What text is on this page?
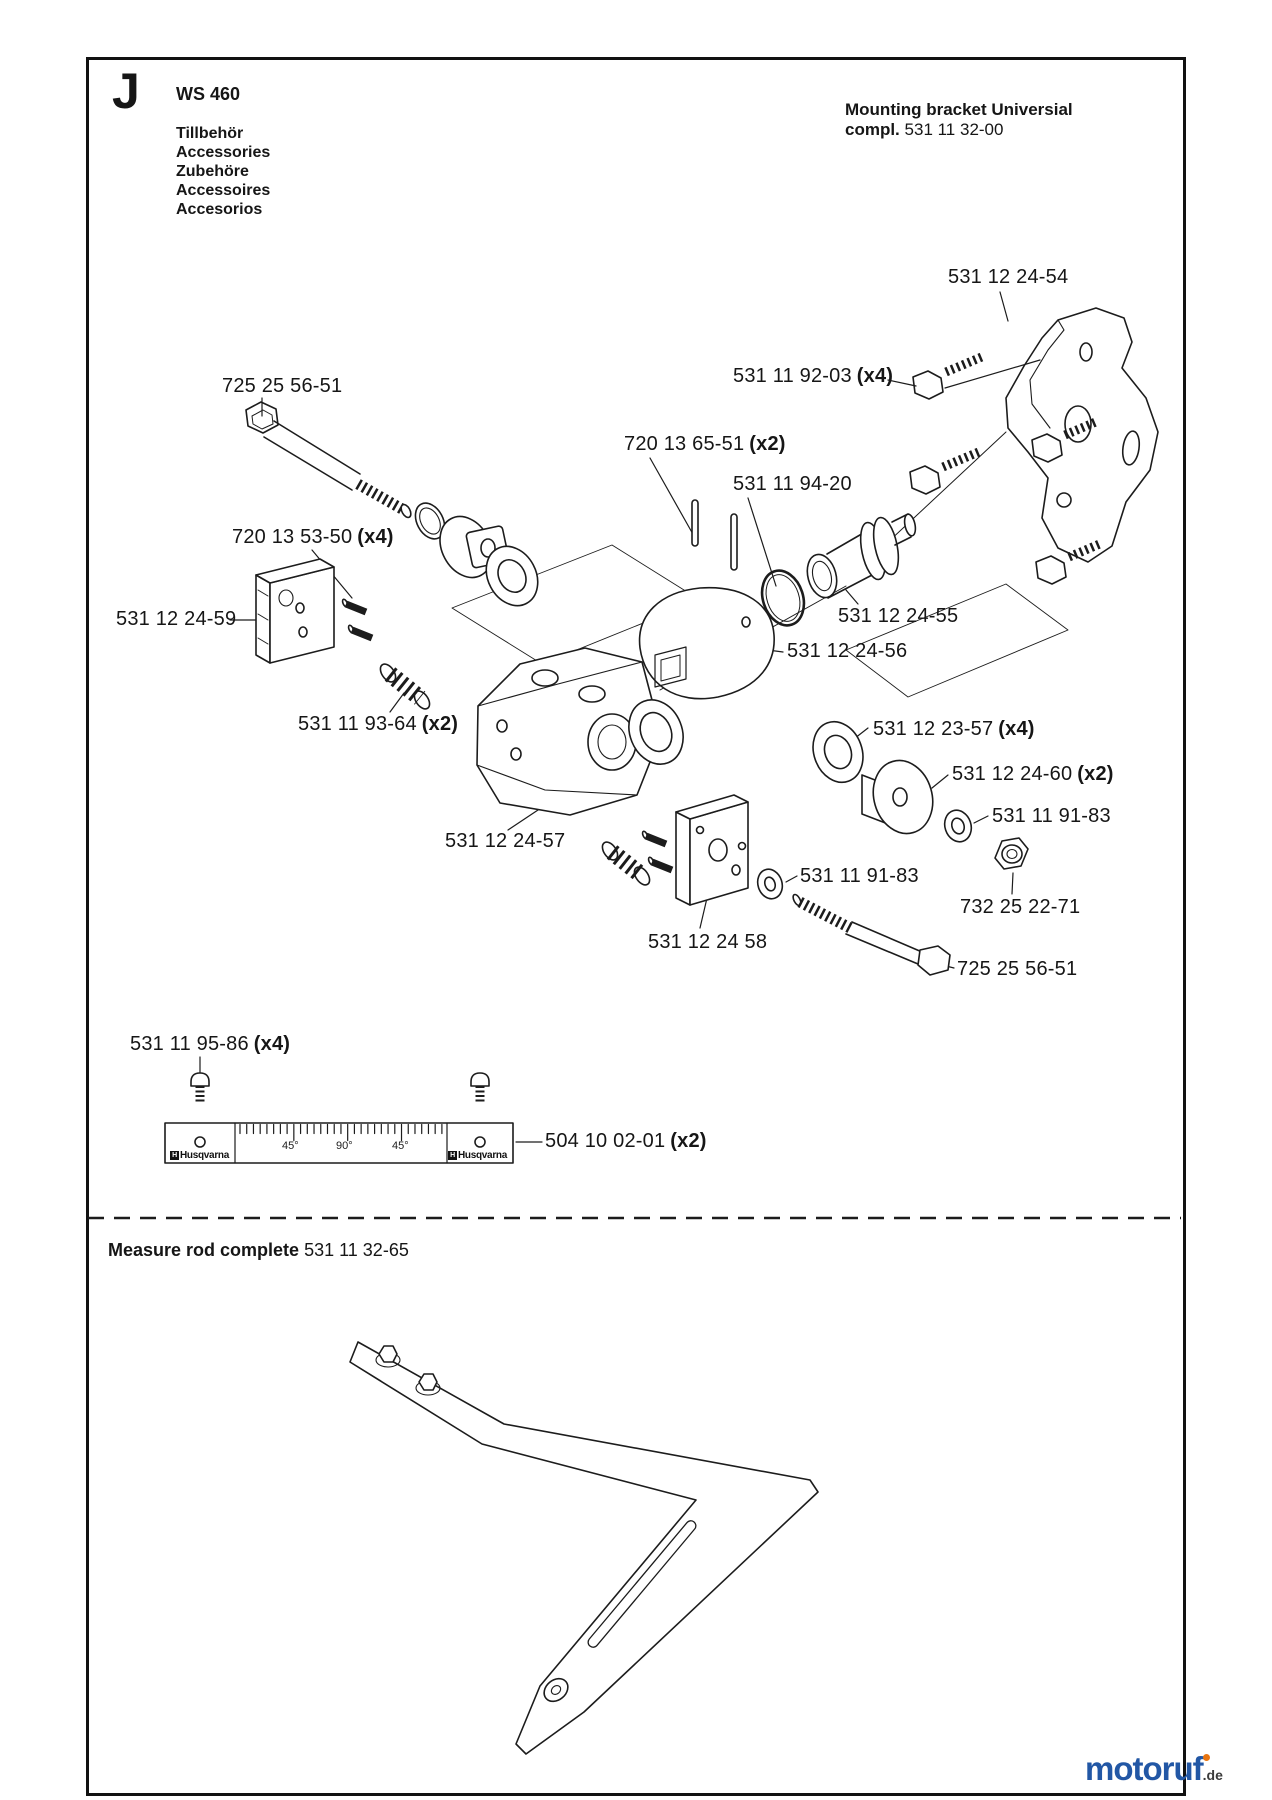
J WS 460
Tillbehör
Accessories
Zubehöre
Accessoires
Accesorios
Mounting bracket Universial
compl. 531 11 32-00
531 12 24-54
531 11 92-03 (x4)
725 25 56-51
720 13 65-51 (x2)
531 11 94-20
720 13 53-50 (x4)
531 12 24-59	531 12 24-55
531 12 24-56
531 11 93-64 (x2)	531 12 23-57 (x4)
531 12 24-60 (x2)
531 11 91-83
531 12 24-57
531 11 91-83
732 25 22-71
531 12 24 58
725 25 56-51
531 11 95-86 (x4)
504 10 02-01 (x2)
45°	90°	45°
H Husqvarna	H Husqvarna
Measure rod complete 531 11 32-65
motoruf.de
